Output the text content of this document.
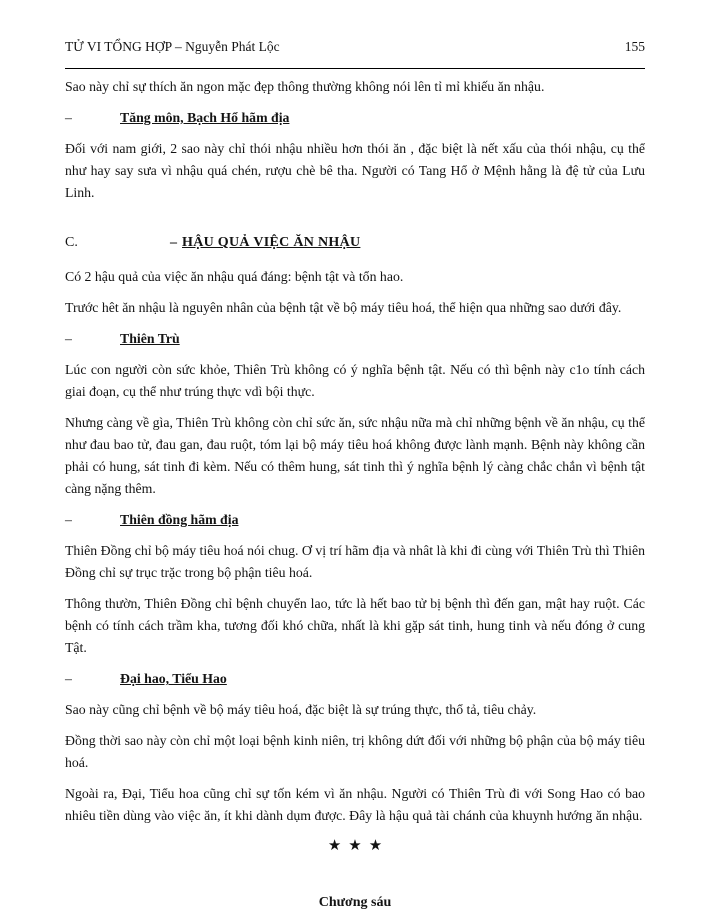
TỬ VI TỔNG HỢP – Nguyễn Phát Lộc	155

Sao này chỉ sự thích ăn ngon mặc đẹp thông thường không nói lên tỉ mỉ khiếu ăn nhậu.

–	Tăng môn, Bạch Hổ hãm địa

Đối với nam giới, 2 sao này chỉ thói nhậu nhiều hơn thói ăn , đặc biệt là nết xấu của thói nhậu, cụ thể như hay say sưa vì nhậu quá chén, rượu chè bê tha. Người có Tang Hổ ở Mệnh hằng là đệ tử của Lưu Linh.

C.	– HẬU QUẢ VIỆC ĂN NHẬU

Có 2 hậu quả của việc ăn nhậu quá đáng: bệnh tật và tổn hao.

Trước hêt ăn nhậu là nguyên nhân của bệnh tật về bộ máy tiêu hoá, thể hiện qua những sao dưới đây.

–	Thiên Trù

Lúc con người còn sức khỏe, Thiên Trù không có ý nghĩa bệnh tật. Nếu có thì bệnh này c1o tính cách giai đoạn, cụ thể như trúng thực vdì bội thực.

Nhưng càng về gìa, Thiên Trù không còn chỉ sức ăn, sức nhậu nữa mà chỉ những bệnh về ăn nhậu, cụ thể như đau bao tử, đau gan, đau ruột, tóm lại bộ máy tiêu hoá không được lành mạnh. Bệnh này không cần phải có hung, sát tinh đi kèm. Nếu có thêm hung, sát tinh thì ý nghĩa bệnh lý càng chắc chắn vì bệnh tật càng nặng thêm.

–	Thiên đồng hãm địa

Thiên Đồng chỉ bộ máy tiêu hoá nói chug. Ơ vị trí hãm địa và nhât là khi đi cùng với Thiên Trù thì Thiên Đồng chỉ sự trục trặc trong bộ phận tiêu hoá.

Thông thườn, Thiên Đồng chỉ bệnh chuyển lao, tức là hết bao tử bị bệnh thì đến gan, mật hay ruột. Các bệnh có tính cách trầm kha, tương đối khó chữa, nhất là khi gặp sát tinh, hung tinh và nếu đóng ở cung Tật.

–	Đại hao, Tiểu Hao

Sao này cũng chỉ bệnh về bộ máy tiêu hoá, đặc biệt là sự trúng thực, thổ tả, tiêu chảy.

Đồng thời sao này còn chỉ một loại bệnh kinh niên, trị không dứt đối với những bộ phận của bộ máy tiêu hoá.

Ngoài ra, Đại, Tiểu hoa cũng chỉ sự tốn kém vì ăn nhậu. Người có Thiên Trù đi với Song Hao có bao nhiêu tiền dùng vào việc ăn, ít khi dành dụm được. Đây là hậu quả tài chánh của khuynh hướng ăn nhậu.

★★★
Chương sáu
